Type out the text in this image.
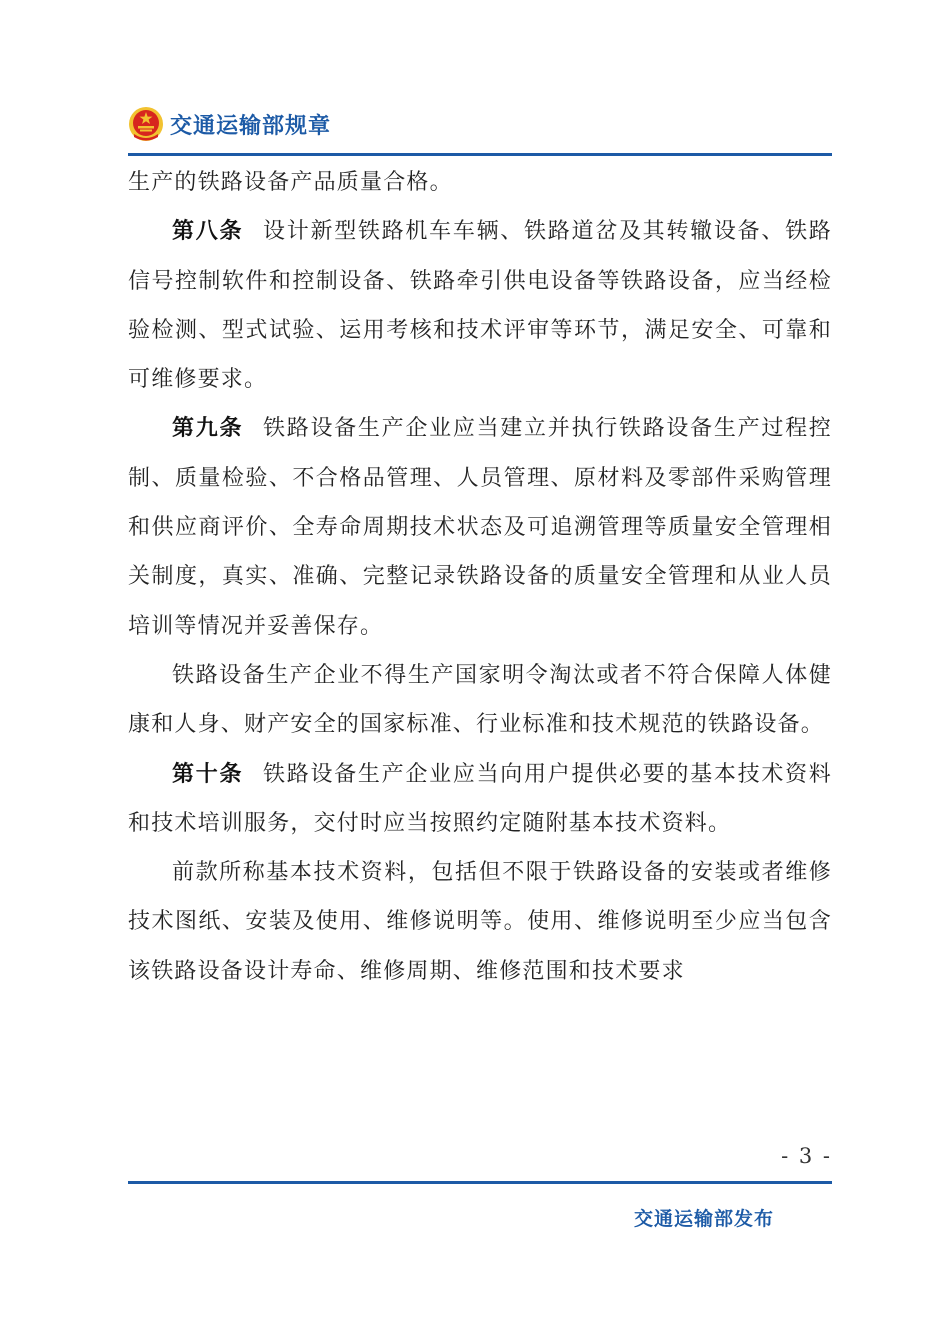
交通运输部规章

生产的铁路设备产品质量合格。

第八条 设计新型铁路机车车辆、铁路道岔及其转辙设备、铁路信号控制软件和控制设备、铁路牵引供电设备等铁路设备，应当经检验检测、型式试验、运用考核和技术评审等环节，满足安全、可靠和可维修要求。

第九条 铁路设备生产企业应当建立并执行铁路设备生产过程控制、质量检验、不合格品管理、人员管理、原材料及零部件采购管理和供应商评价、全寿命周期技术状态及可追溯管理等质量安全管理相关制度，真实、准确、完整记录铁路设备的质量安全管理和从业人员培训等情况并妥善保存。

铁路设备生产企业不得生产国家明令淘汰或者不符合保障人体健康和人身、财产安全的国家标准、行业标准和技术规范的铁路设备。

第十条 铁路设备生产企业应当向用户提供必要的基本技术资料和技术培训服务，交付时应当按照约定随附基本技术资料。

前款所称基本技术资料，包括但不限于铁路设备的安装或者维修技术图纸、安装及使用、维修说明等。使用、维修说明至少应当包含该铁路设备设计寿命、维修周期、维修范围和技术要求

- 3 -
交通运输部发布
